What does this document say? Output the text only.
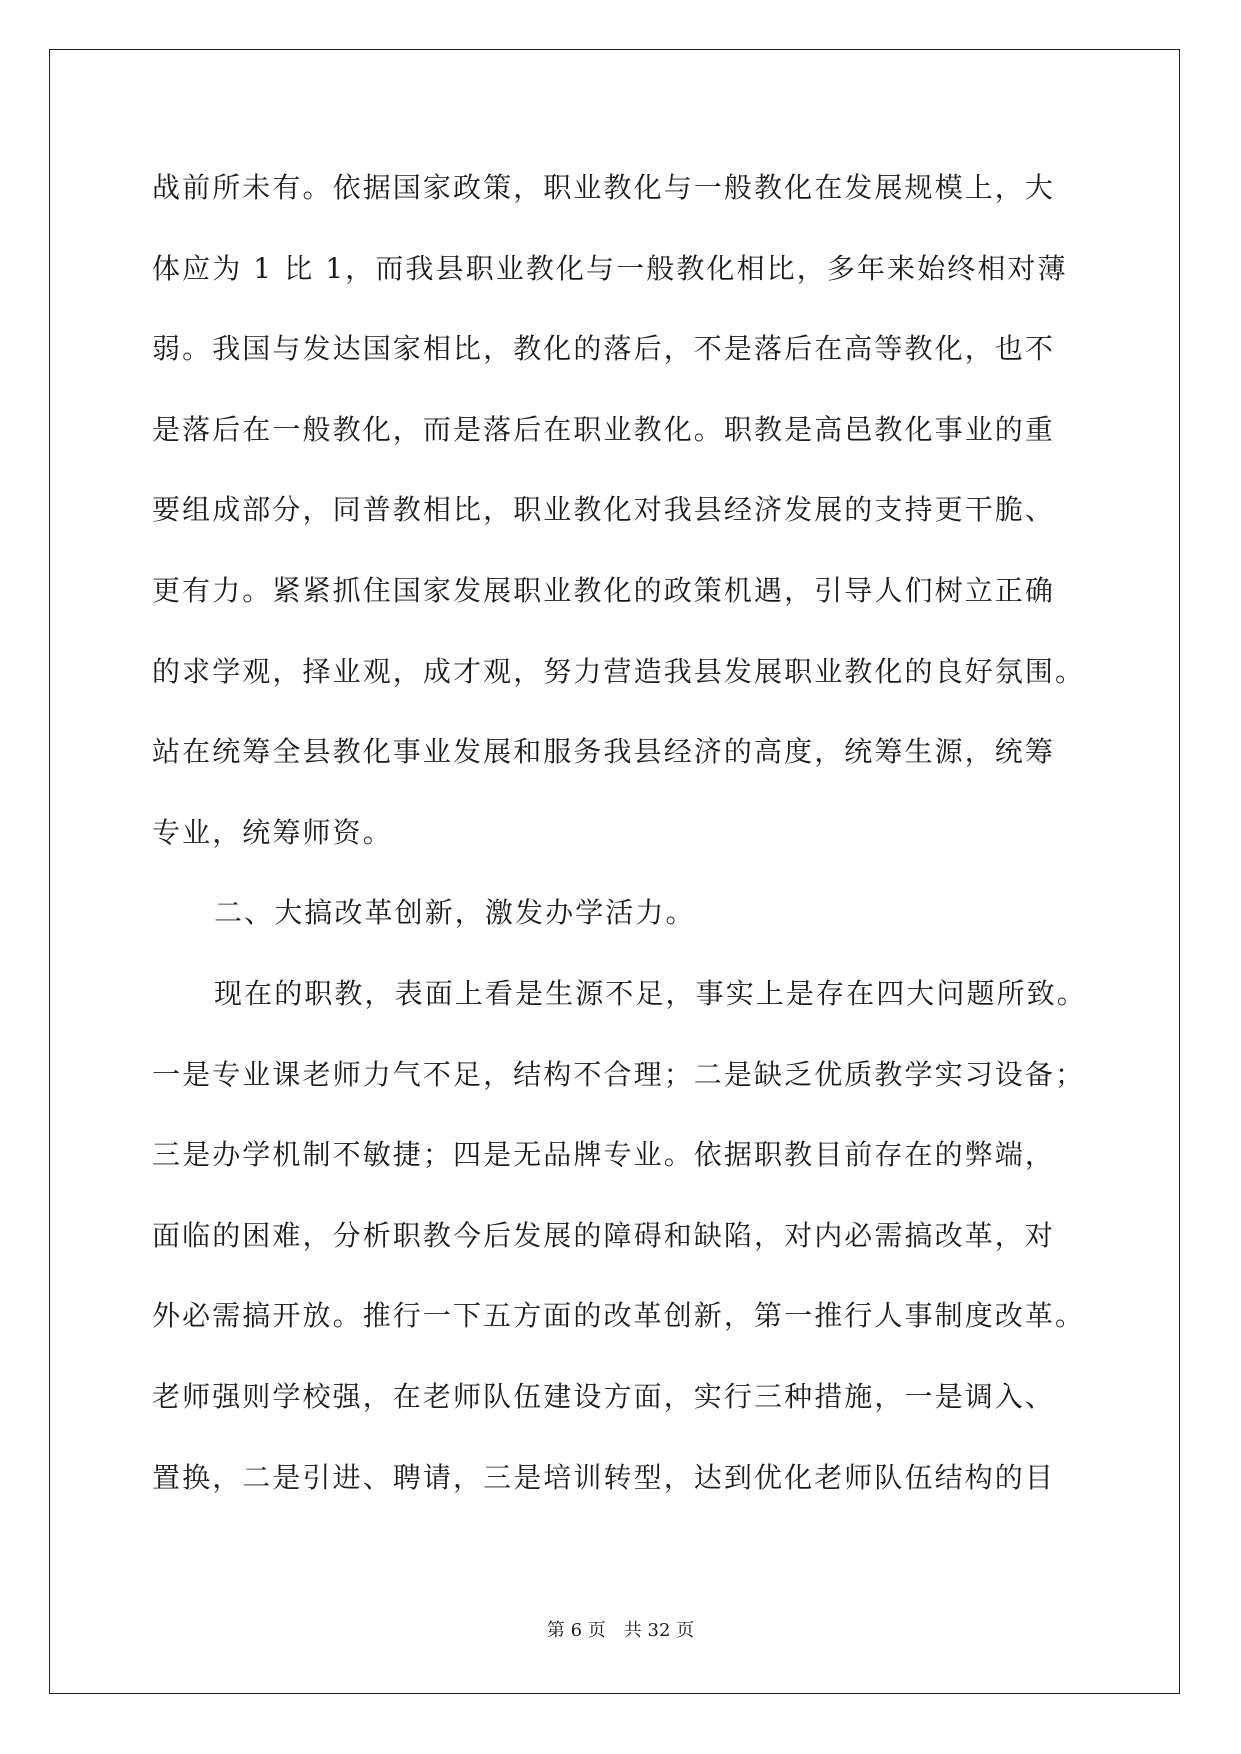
战前所未有。依据国家政策，职业教化与一般教化在发展规模上，大
体应为 1 比 1，而我县职业教化与一般教化相比，多年来始终相对薄
弱。我国与发达国家相比，教化的落后，不是落后在高等教化，也不
是落后在一般教化，而是落后在职业教化。职教是高邑教化事业的重
要组成部分，同普教相比，职业教化对我县经济发展的支持更干脆、
更有力。紧紧抓住国家发展职业教化的政策机遇，引导人们树立正确
的求学观，择业观，成才观，努力营造我县发展职业教化的良好氛围。
站在统筹全县教化事业发展和服务我县经济的高度，统筹生源，统筹
专业，统筹师资。
二、大搞改革创新，激发办学活力。
现在的职教，表面上看是生源不足，事实上是存在四大问题所致。
一是专业课老师力气不足，结构不合理；二是缺乏优质教学实习设备；
三是办学机制不敏捷；四是无品牌专业。依据职教目前存在的弊端，
面临的困难，分析职教今后发展的障碍和缺陷，对内必需搞改革，对
外必需搞开放。推行一下五方面的改革创新，第一推行人事制度改革。
老师强则学校强，在老师队伍建设方面，实行三种措施，一是调入、
置换，二是引进、聘请，三是培训转型，达到优化老师队伍结构的目
第 6 页 共 32 页
